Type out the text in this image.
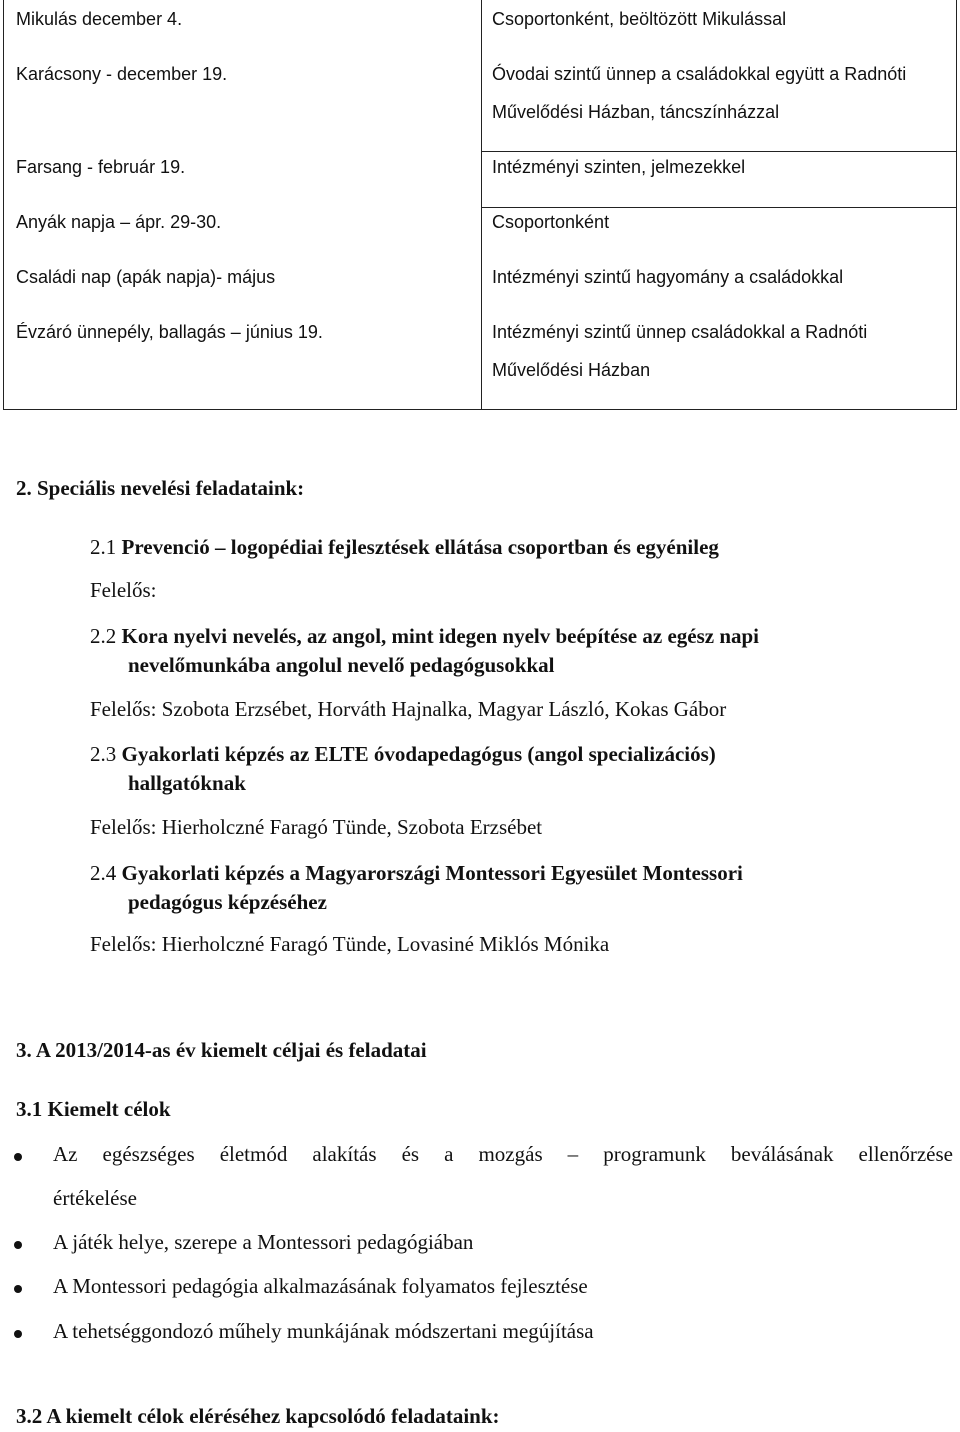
Mikulás december 4.	Csoportonként, beöltözött Mikulással
Karácsony - december 19.	Óvodai szintű ünnep a családokkal együtt a Radnóti
Művelődési Házban, táncszínházzal
Farsang - február 19.	Intézményi szinten, jelmezekkel
Anyák napja – ápr. 29-30.	Csoportonként
Családi nap (apák napja)- május	Intézményi szintű hagyomány a családokkal
Évzáró ünnepély, ballagás – június 19.	Intézményi szintű ünnep családokkal a Radnóti
Művelődési Házban
2. Speciális nevelési feladataink:
2.1 Prevenció – logopédiai fejlesztések ellátása csoportban és egyénileg
Felelős:
2.2 Kora nyelvi nevelés, az angol, mint idegen nyelv beépítése az egész napi
nevelőmunkába angolul nevelő pedagógusokkal
Felelős: Szobota Erzsébet, Horváth Hajnalka, Magyar László, Kokas Gábor
2.3 Gyakorlati képzés az ELTE óvodapedagógus (angol specializációs)
hallgatóknak
Felelős: Hierholczné Faragó Tünde, Szobota Erzsébet
2.4 Gyakorlati képzés a Magyarországi Montessori Egyesület Montessori
pedagógus képzéséhez
Felelős: Hierholczné Faragó Tünde, Lovasiné Miklós Mónika
3. A 2013/2014-as év kiemelt céljai és feladatai
3.1 Kiemelt célok
Az egészséges életmód alakítás és a mozgás – programunk beválásának ellenőrzése
értékelése
A játék helye, szerepe a Montessori pedagógiában
A Montessori pedagógia alkalmazásának folyamatos fejlesztése
A tehetséggondozó műhely munkájának módszertani megújítása
3.2 A kiemelt célok eléréséhez kapcsolódó feladataink:
